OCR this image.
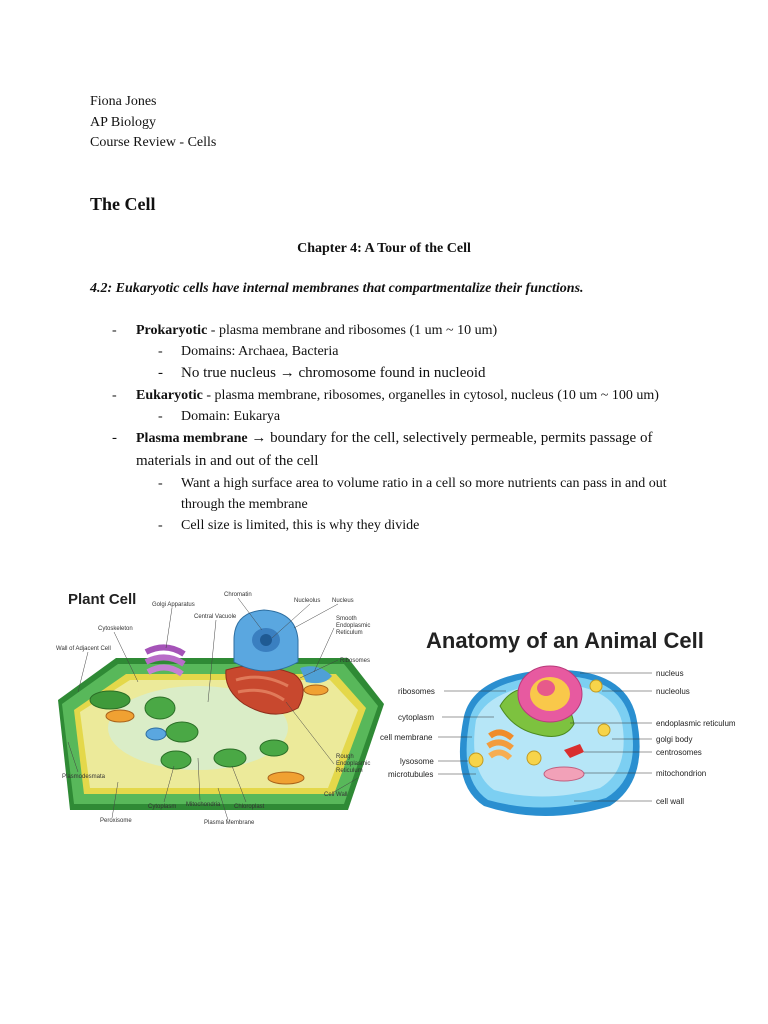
Fiona Jones
AP Biology
Course Review - Cells
The Cell
Chapter 4: A Tour of the Cell
4.2: Eukaryotic cells have internal membranes that compartmentalize their functions.
- Prokaryotic - plasma membrane and ribosomes (1 um ~ 10 um)
- Domains: Archaea, Bacteria
- No true nucleus → chromosome found in nucleoid
- Eukaryotic - plasma membrane, ribosomes, organelles in cytosol, nucleus (10 um ~ 100 um)
- Domain: Eukarya
- Plasma membrane → boundary for the cell, selectively permeable, permits passage of materials in and out of the cell
- Want a high surface area to volume ratio in a cell so more nutrients can pass in and out through the membrane
- Cell size is limited, this is why they divide
Plant Cell	Chromatin
Golgi Apparatus
Nucleolus Nucleus
Central Vacuole	Smooth
Endoplasmic
Reticulum
Cytoskeleton
Wall of Adjacent Cell
Ribosomes
Rough
Endoplasmic
Reticulum
Plasmodesmata
Cell Wall
Cytoplasm Mitochondria Chloroplast
Peroxisome	Plasma Membrane
Anatomy of an Animal Cell
nucleus
nucleolus
ribosomes
cytoplasm
endoplasmic reticulum
cell membrane	golgi body
centrosomes
lysosome
microtubules	mitochondrion
cell wall
